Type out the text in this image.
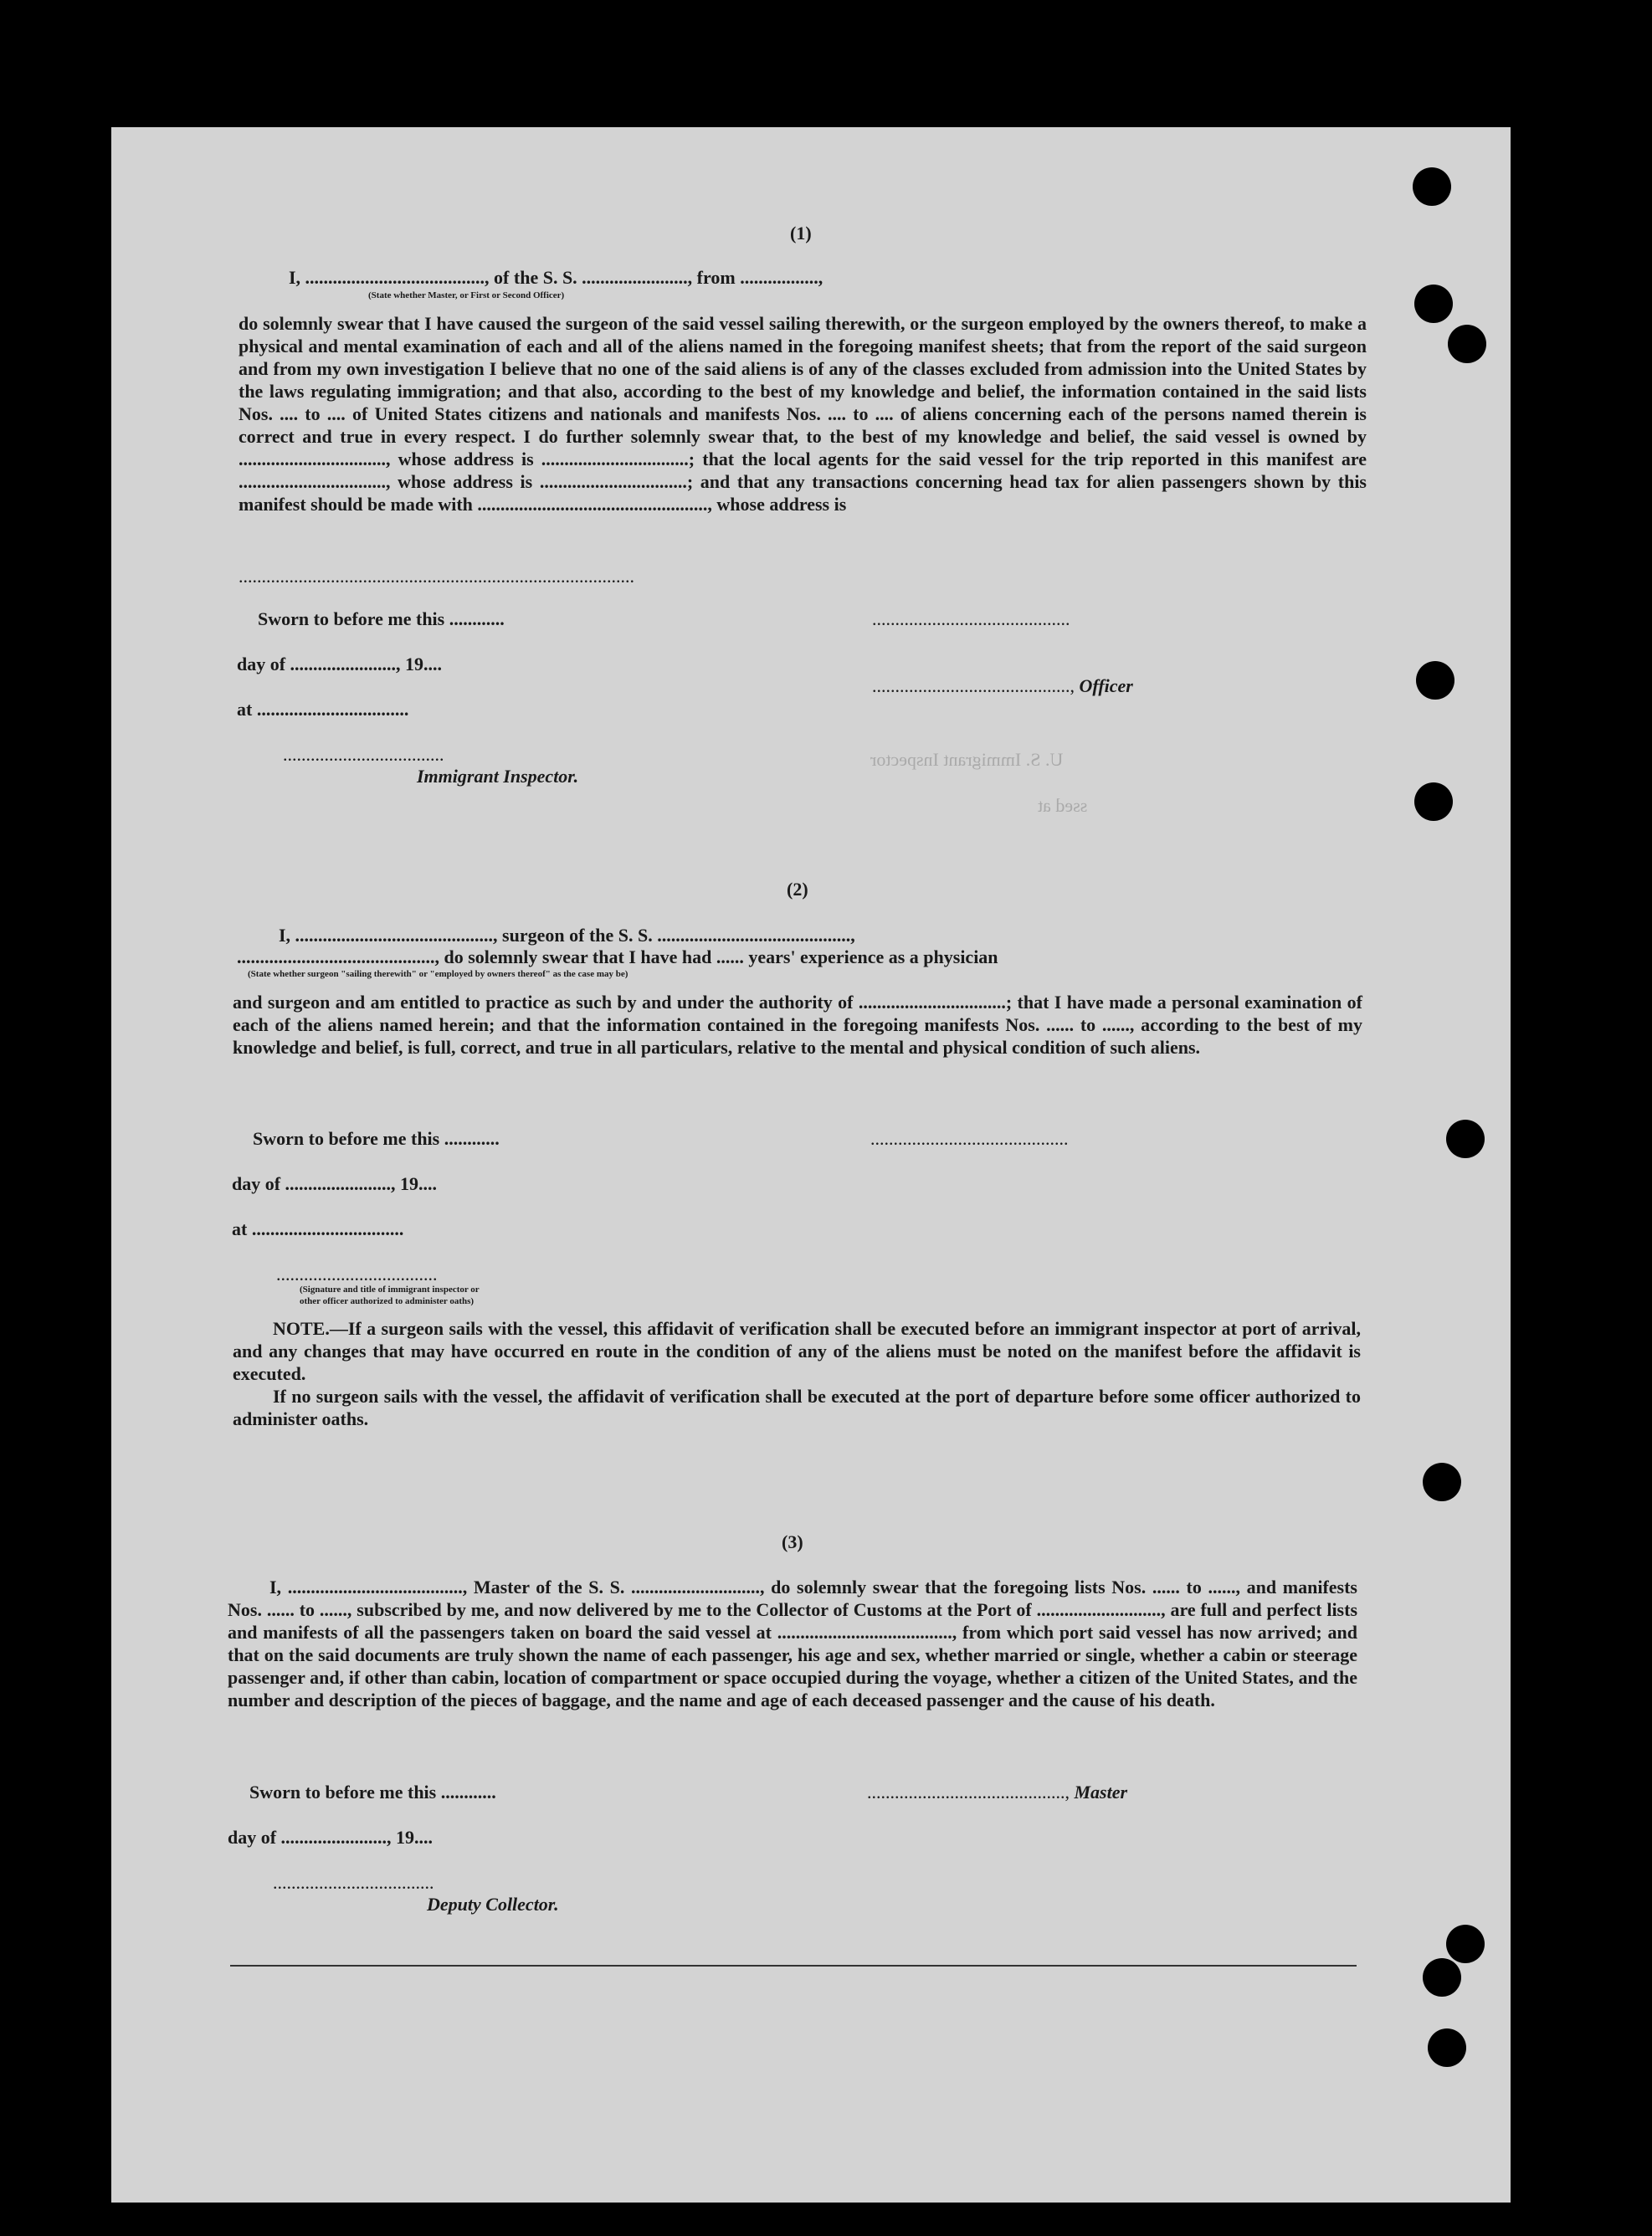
U. S. Immigrant Inspector
ssed at
(1)
I, ......................................., of the S. S. ......................., from .................,
(State whether Master, or First or Second Officer)
do solemnly swear that I have caused the surgeon of the said vessel sailing therewith, or the surgeon employed by the owners thereof, to make a physical and mental examination of each and all of the aliens named in the foregoing manifest sheets; that from the report of the said surgeon and from my own investigation I believe that no one of the said aliens is of any of the classes excluded from admission into the United States by the laws regulating immigration; and that also, according to the best of my knowledge and belief, the information contained in the said lists Nos. .... to .... of United States citizens and nationals and manifests Nos. .... to .... of aliens concerning each of the persons named therein is correct and true in every respect. I do further solemnly swear that, to the best of my knowledge and belief, the said vessel is owned by ................................, whose address is ................................; that the local agents for the said vessel for the trip reported in this manifest are ................................, whose address is ................................; and that any transactions concerning head tax for alien passengers shown by this manifest should be made with .................................................., whose address is
......................................................................................
Sworn to before me this ............	...........................................
day of ......................., 19....
..........................................., Officer
at .................................
...................................
Immigrant Inspector.
(2)
I, ..........................................., surgeon of the S. S. ..........................................,
..........................................., do solemnly swear that I have had ...... years' experience as a physician
(State whether surgeon "sailing therewith" or "employed by owners thereof" as the case may be)
and surgeon and am entitled to practice as such by and under the authority of ................................; that I have made a personal examination of each of the aliens named herein; and that the information contained in the foregoing manifests Nos. ...... to ......, according to the best of my knowledge and belief, is full, correct, and true in all particulars, relative to the mental and physical condition of such aliens.
Sworn to before me this ............	...........................................
day of ......................., 19....
at .................................
...................................
(Signature and title of immigrant inspector or
other officer authorized to administer oaths)
NOTE.—If a surgeon sails with the vessel, this affidavit of verification shall be executed before an immigrant inspector at port of arrival, and any changes that may have occurred en route in the condition of any of the aliens must be noted on the manifest before the affidavit is executed.
If no surgeon sails with the vessel, the affidavit of verification shall be executed at the port of departure before some officer authorized to administer oaths.
(3)
I, ......................................, Master of the S. S. ............................, do solemnly swear that the foregoing lists Nos. ...... to ......, and manifests Nos. ...... to ......, subscribed by me, and now delivered by me to the Collector of Customs at the Port of ..........................., are full and perfect lists and manifests of all the passengers taken on board the said vessel at ......................................, from which port said vessel has now arrived; and that on the said documents are truly shown the name of each passenger, his age and sex, whether married or single, whether a cabin or steerage passenger and, if other than cabin, location of compartment or space occupied during the voyage, whether a citizen of the United States, and the number and description of the pieces of baggage, and the name and age of each deceased passenger and the cause of his death.
Sworn to before me this ............	..........................................., Master
day of ......................., 19....
...................................
Deputy Collector.
